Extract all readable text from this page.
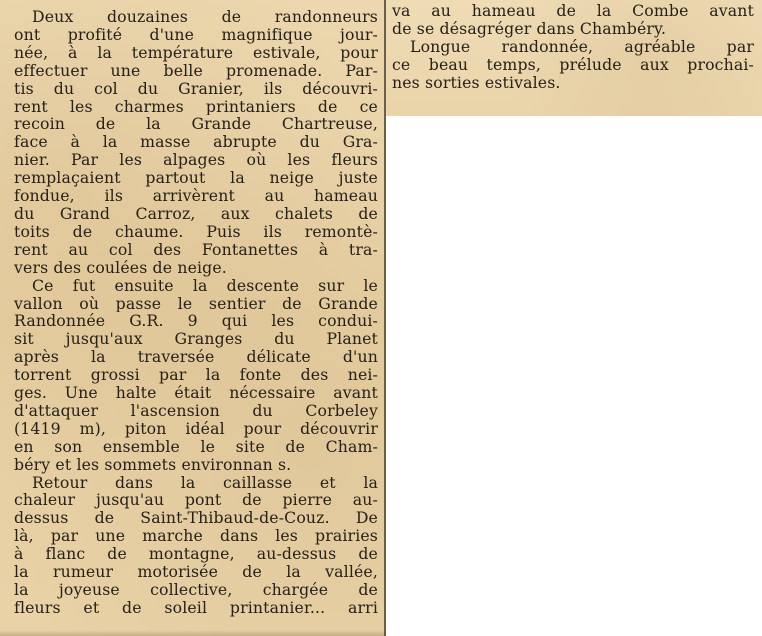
Deux douzaines de randonneurs
ont profité d'une magnifique jour-
née, à la température estivale, pour
effectuer une belle promenade. Par-
tis du col du Granier, ils découvri-
rent les charmes printaniers de ce
recoin de la Grande Chartreuse,
face à la masse abrupte du Gra-
nier. Par les alpages où les fleurs
remplaçaient partout la neige juste
fondue, ils arrivèrent au hameau
du Grand Carroz, aux chalets de
toits de chaume. Puis ils remontè-
rent au col des Fontanettes à tra-
vers des coulées de neige.
Ce fut ensuite la descente sur le
vallon où passe le sentier de Grande
Randonnée G.R. 9 qui les condui-
sit jusqu'aux Granges du Planet
après la traversée délicate d'un
torrent grossi par la fonte des nei-
ges. Une halte était nécessaire avant
d'attaquer l'ascension du Corbeley
(1419 m), piton idéal pour découvrir
en son ensemble le site de Cham-
béry et les sommets environnan s.
Retour dans la caillasse et la
chaleur jusqu'au pont de pierre au-
dessus de Saint-Thibaud-de-Couz. De
là, par une marche dans les prairies
à flanc de montagne, au-dessus de
la rumeur motorisée de la vallée,
la joyeuse collective, chargée de
fleurs et de soleil printanier... arri
va au hameau de la Combe avant
de se désagréger dans Chambéry.
Longue randonnée, agréable par
ce beau temps, prélude aux prochai-
nes sorties estivales.
